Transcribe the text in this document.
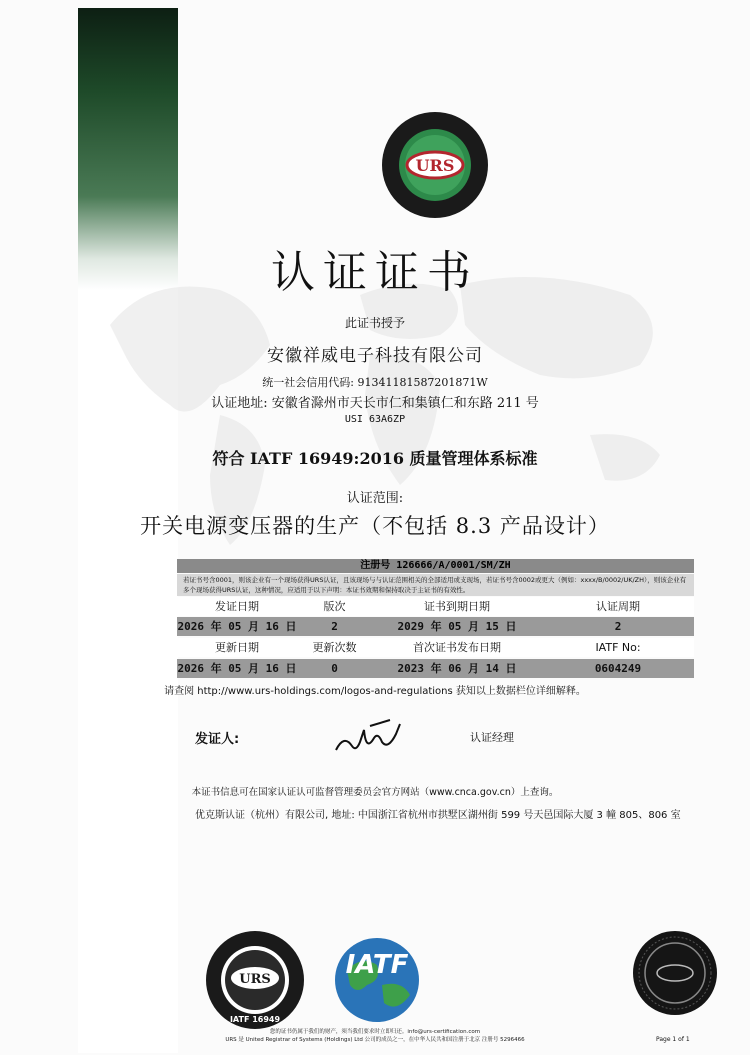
URS
认证证书
此证书授予
安徽祥威电子科技有限公司
统一社会信用代码: 91341181587201871W
认证地址: 安徽省滁州市天长市仁和集镇仁和东路 211 号
USI 63A6ZP
符合 IATF 16949:2016 质量管理体系标准
认证范围:
开关电源变压器的生产（不包括 8.3 产品设计）
注册号 126666/A/0001/SM/ZH
若证书号含0001，则该企业有一个现场获得URS认证，且该现场与与认证范围相关的全部适用或支现场，若证书号含0002或更大（例如：xxxx/B/0002/UK/ZH），则该企业有多个现场获得URS认证，这种情况，应适用于以下声明：本证书效期和保持取决于主证书的有效性。
发证日期	版次	证书到期日期	认证周期
2026 年 05 月 16 日	2	2029 年 05 月 15 日	2
更新日期	更新次数	首次证书发布日期	IATF No:
2026 年 05 月 16 日	0	2023 年 06 月 14 日	0604249
请查阅 http://www.urs-holdings.com/logos-and-regulations 获知以上数据栏位详细解释。
发证人:	认证经理
本证书信息可在国家认证认可监督管理委员会官方网站（www.cnca.gov.cn）上查询。
优克斯认证（杭州）有限公司, 地址: 中国浙江省杭州市拱墅区湖州街 599 号天邑国际大厦 3 幢 805、806 室
URS
IATF 16949
IATF
您的证书仍属于我们的财产，须当我们要求时立即归还。info@urs-certification.com
URS 是 United Registrar of Systems (Holdings) Ltd 公司的成员之一，在中华人民共和国注册于北京 注册号 5296466	Page 1 of 1
